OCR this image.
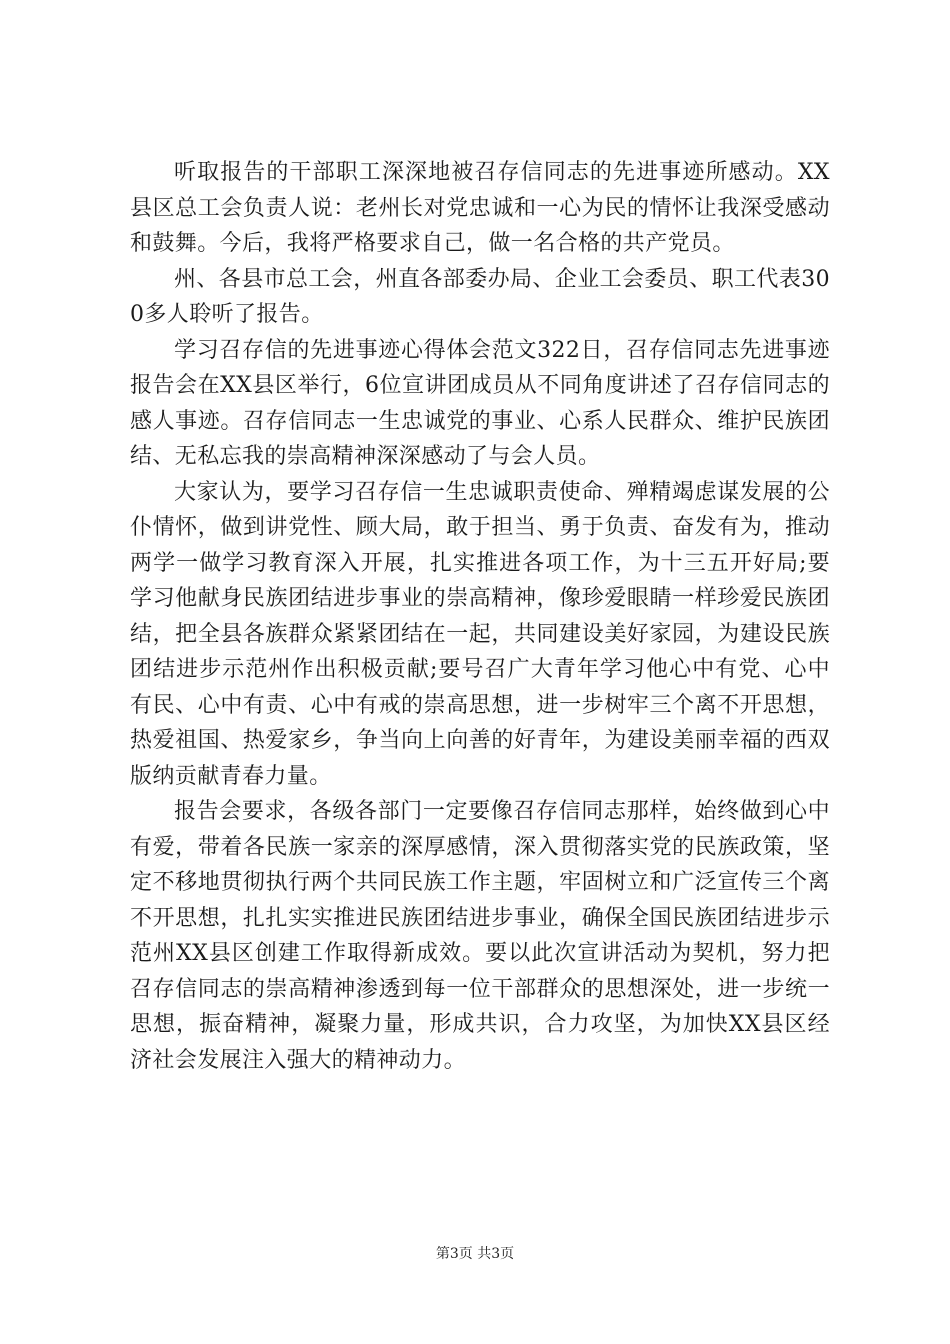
听取报告的干部职工深深地被召存信同志的先进事迹所感动。XX县区总工会负责人说：老州长对党忠诚和一心为民的情怀让我深受感动和鼓舞。今后，我将严格要求自己，做一名合格的共产党员。

州、各县市总工会，州直各部委办局、企业工会委员、职工代表300多人聆听了报告。

学习召存信的先进事迹心得体会范文322日，召存信同志先进事迹报告会在XX县区举行，6位宣讲团成员从不同角度讲述了召存信同志的感人事迹。召存信同志一生忠诚党的事业、心系人民群众、维护民族团结、无私忘我的崇高精神深深感动了与会人员。

大家认为，要学习召存信一生忠诚职责使命、殚精竭虑谋发展的公仆情怀，做到讲党性、顾大局，敢于担当、勇于负责、奋发有为，推动两学一做学习教育深入开展，扎实推进各项工作，为十三五开好局;要学习他献身民族团结进步事业的崇高精神，像珍爱眼睛一样珍爱民族团结，把全县各族群众紧紧团结在一起，共同建设美好家园，为建设民族团结进步示范州作出积极贡献;要号召广大青年学习他心中有党、心中有民、心中有责、心中有戒的崇高思想，进一步树牢三个离不开思想，热爱祖国、热爱家乡，争当向上向善的好青年，为建设美丽幸福的西双版纳贡献青春力量。

报告会要求，各级各部门一定要像召存信同志那样，始终做到心中有爱，带着各民族一家亲的深厚感情，深入贯彻落实党的民族政策，坚定不移地贯彻执行两个共同民族工作主题，牢固树立和广泛宣传三个离不开思想，扎扎实实推进民族团结进步事业，确保全国民族团结进步示范州XX县区创建工作取得新成效。要以此次宣讲活动为契机，努力把召存信同志的崇高精神渗透到每一位干部群众的思想深处，进一步统一思想，振奋精神，凝聚力量，形成共识，合力攻坚，为加快XX县区经济社会发展注入强大的精神动力。

第3页 共3页
